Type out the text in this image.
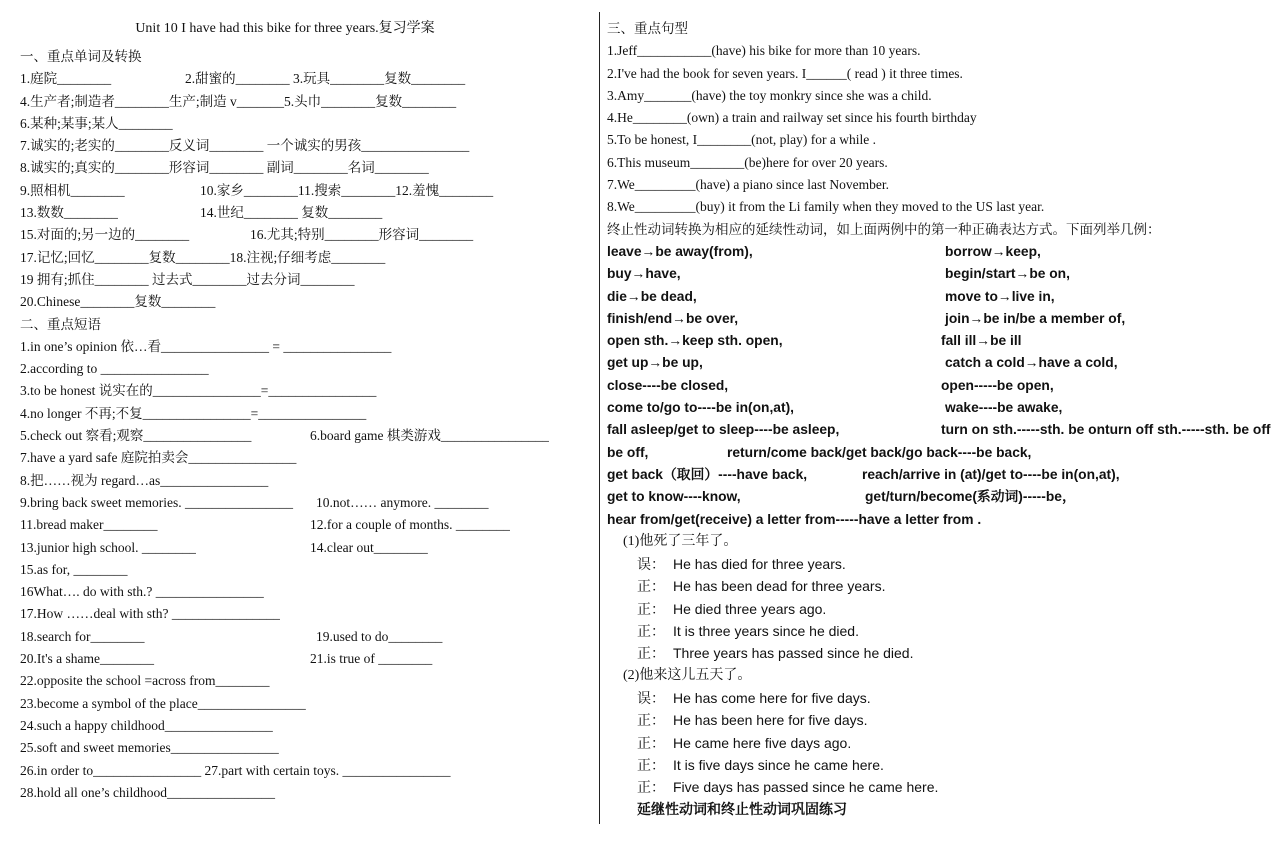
Unit 10 I have had this bike for three years.复习学案
一、重点单词及转换
1.庭院________	2.甜蜜的________ 3.玩具________复数________
4.生产者;制造者________生产;制造 v_______5.头巾________复数________
6.某种;某事;某人________
7.诚实的;老实的________反义词________ 一个诚实的男孩________________
8.诚实的;真实的________形容词________ 副词________名词________
9.照相机________	10.家乡________11.搜索________12.羞愧________
13.数数________	14.世纪________ 复数________
15.对面的;另一边的________	16.尤其;特别________形容词________
17.记忆;回忆________复数________18.注视;仔细考虑________
19 拥有;抓住________ 过去式________过去分词________
20.Chinese________复数________
二、重点短语
1.in one’s opinion 依…看________________ = ________________
2.according to ________________
3.to be honest 说实在的________________=________________
4.no longer 不再;不复________________=________________
5.check out 察看;观察________________	6.board game 棋类游戏________________
7.have a yard safe 庭院拍卖会________________
8.把……视为 regard…as________________
9.bring back sweet memories. ________________ 10.not…… anymore. ________
11.bread maker________	12.for a couple of months. ________
13.junior high school. ________	14.clear out________
15.as for, ________
16What…. do with sth.? ________________
17.How ……deal with sth? ________________
18.search for________	19.used to do________
20.It's a shame________	21.is true of ________
22.opposite the school =across from________
23.become a symbol of the place________________
24.such a happy childhood________________
25.soft and sweet memories________________
26.in order to________________ 27.part with certain toys. ________________
28.hold all one’s childhood________________
三、重点句型
1.Jeff___________(have) his bike for more than 10 years.
2.I've had the book for seven years. I______( read ) it three times.
3.Amy_______(have) the toy monkry since she was a child.
4.He________(own) a train and railway set since his fourth birthday
5.To be honest, I________(not, play) for a while .
6.This museum________(be)here for over 20 years.
7.We_________(have) a piano since last November.
8.We_________(buy) it from the Li family when they moved to the US last year.
终止性动词转换为相应的延续性动词，如上面两例中的第一种正确表达方式。下面列举几例：
leave→be away(from),	borrow→keep,
buy→have,	begin/start→be on,
die→be dead,	move to→live in,
finish/end→be over,	join→be in/be a member of,
open sth.→keep sth. open,	fall ill→be ill
get up→be up,	catch a cold→have a cold,
close----be closed,	open-----be open,
come to/go to----be in(on,at),	wake----be awake,
fall asleep/get to sleep----be asleep,	turn on sth.-----sth. be onturn off sth.-----sth. be off
be off,	return/come back/get back/go back----be back,
get back（取回）----have back,	reach/arrive in (at)/get to----be in(on,at),
get to know----know,	get/turn/become(系动词)-----be，
hear from/get(receive) a letter from-----have a letter from .
(1)他死了三年了。
误： He has died for three years.
正： He has been dead for three years.
正： He died three years ago.
正： It is three years since he died.
正： Three years has passed since he died.
(2)他来这儿五天了。
误： He has come here for five days.
正： He has been here for five days.
正： He came here five days ago.
正： It is five days since he came here.
正： Five days has passed since he came here.
延继性动词和终止性动词巩固练习
